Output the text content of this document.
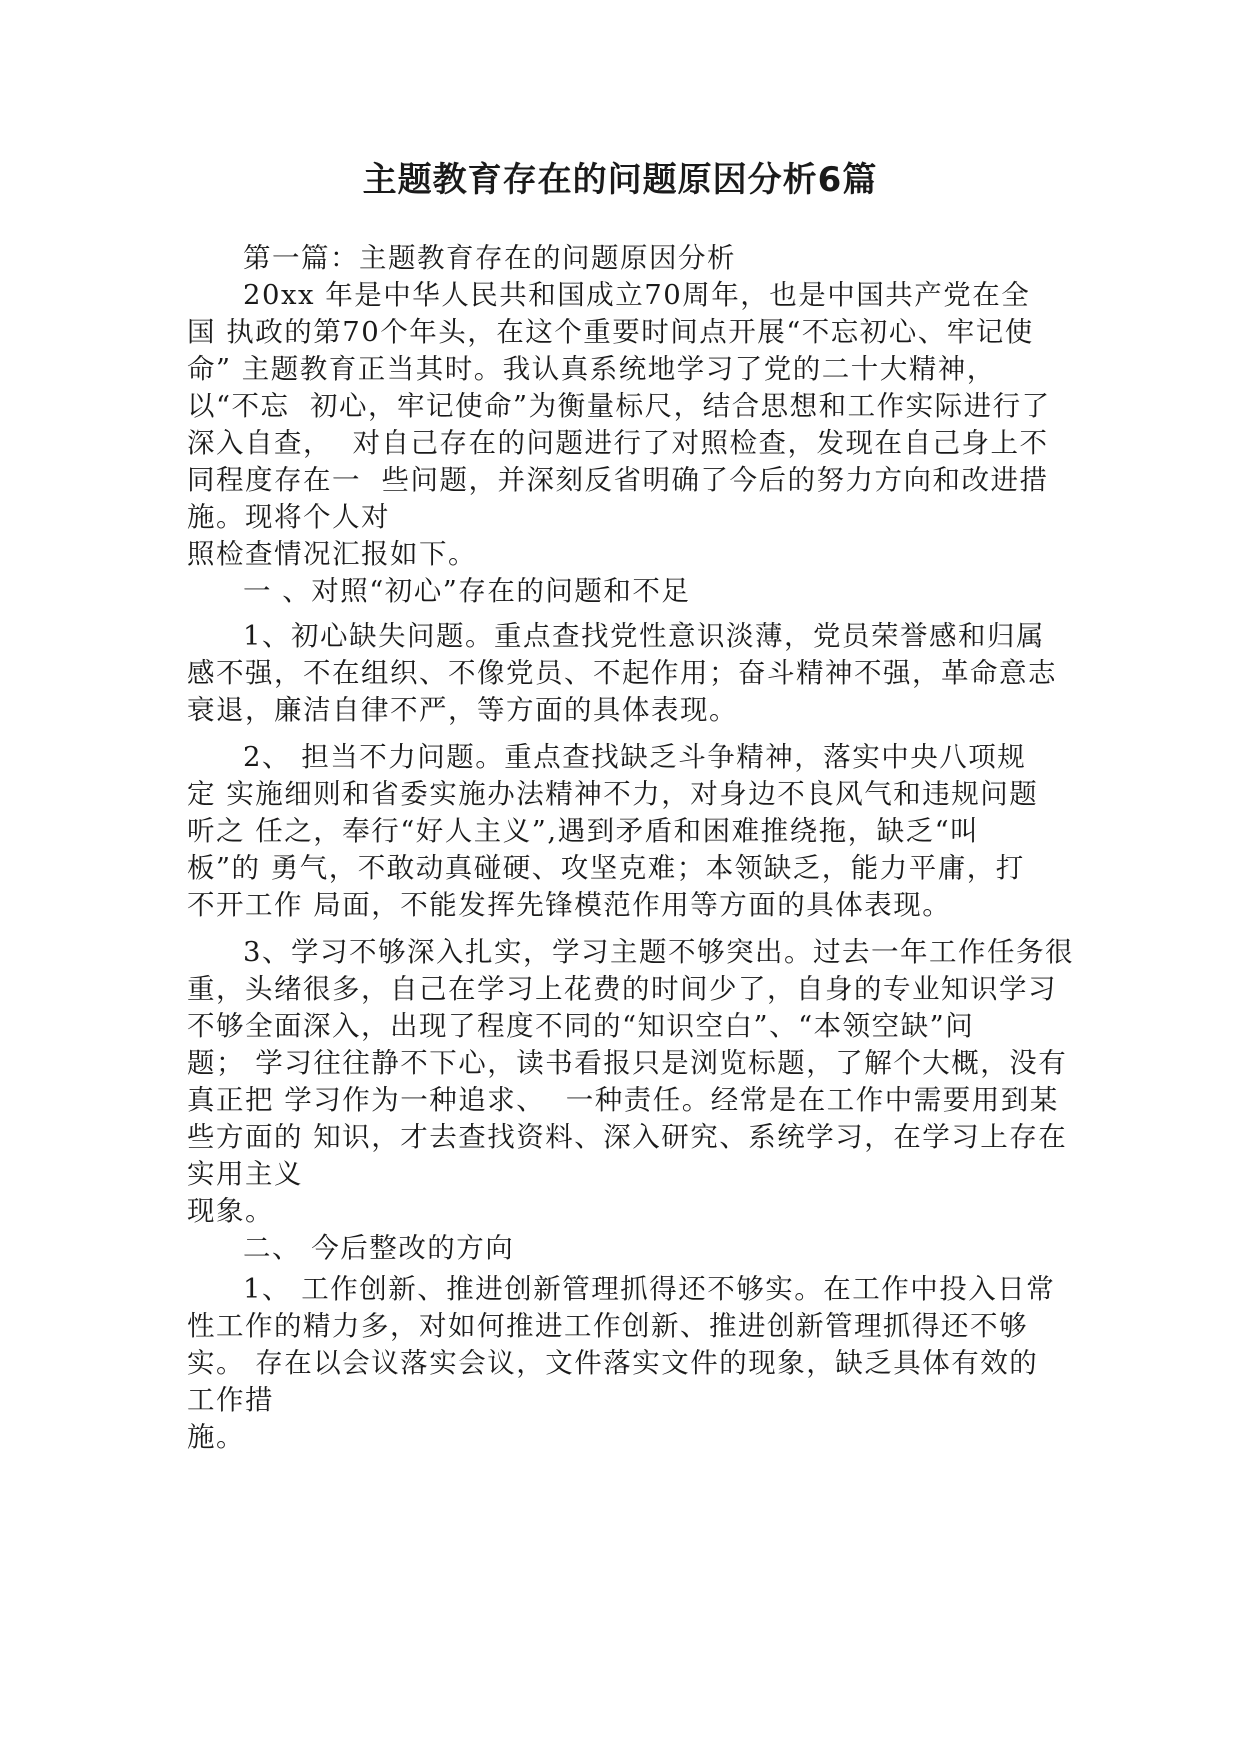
主题教育存在的问题原因分析6篇
第一篇：主题教育存在的问题原因分析
20xx 年是中华人民共和国成立70周年，也是中国共产党在全
国 执政的第70个年头，在这个重要时间点开展“不忘初心、牢记使
命” 主题教育正当其时。我认真系统地学习了党的二十大精神，
以“不忘  初心，牢记使命”为衡量标尺，结合思想和工作实际进行了
深入自查，  对自己存在的问题进行了对照检查，发现在自己身上不
同程度存在一  些问题，并深刻反省明确了今后的努力方向和改进措
施。现将个人对
照检查情况汇报如下。
一 、对照“初心”存在的问题和不足
1、初心缺失问题。重点查找党性意识淡薄，党员荣誉感和归属
感不强，不在组织、不像党员、不起作用；奋斗精神不强，革命意志
衰退，廉洁自律不严，等方面的具体表现。
2、 担当不力问题。重点查找缺乏斗争精神，落实中央八项规
定 实施细则和省委实施办法精神不力，对身边不良风气和违规问题
听之 任之，奉行“好人主义”,遇到矛盾和困难推绕拖，缺乏“叫
板”的 勇气，不敢动真碰硬、攻坚克难；本领缺乏，能力平庸，打
不开工作 局面，不能发挥先锋模范作用等方面的具体表现。
3、学习不够深入扎实，学习主题不够突出。过去一年工作任务很
重，头绪很多，自己在学习上花费的时间少了，自身的专业知识学习
不够全面深入，出现了程度不同的“知识空白”、“本领空缺”问
题； 学习往往静不下心，读书看报只是浏览标题，了解个大概，没有
真正把 学习作为一种追求、  一种责任。经常是在工作中需要用到某
些方面的 知识，才去查找资料、深入研究、系统学习，在学习上存在
实用主义
现象。
二、 今后整改的方向
1、 工作创新、推进创新管理抓得还不够实。在工作中投入日常
性工作的精力多，对如何推进工作创新、推进创新管理抓得还不够
实。 存在以会议落实会议，文件落实文件的现象，缺乏具体有效的
工作措
施。
